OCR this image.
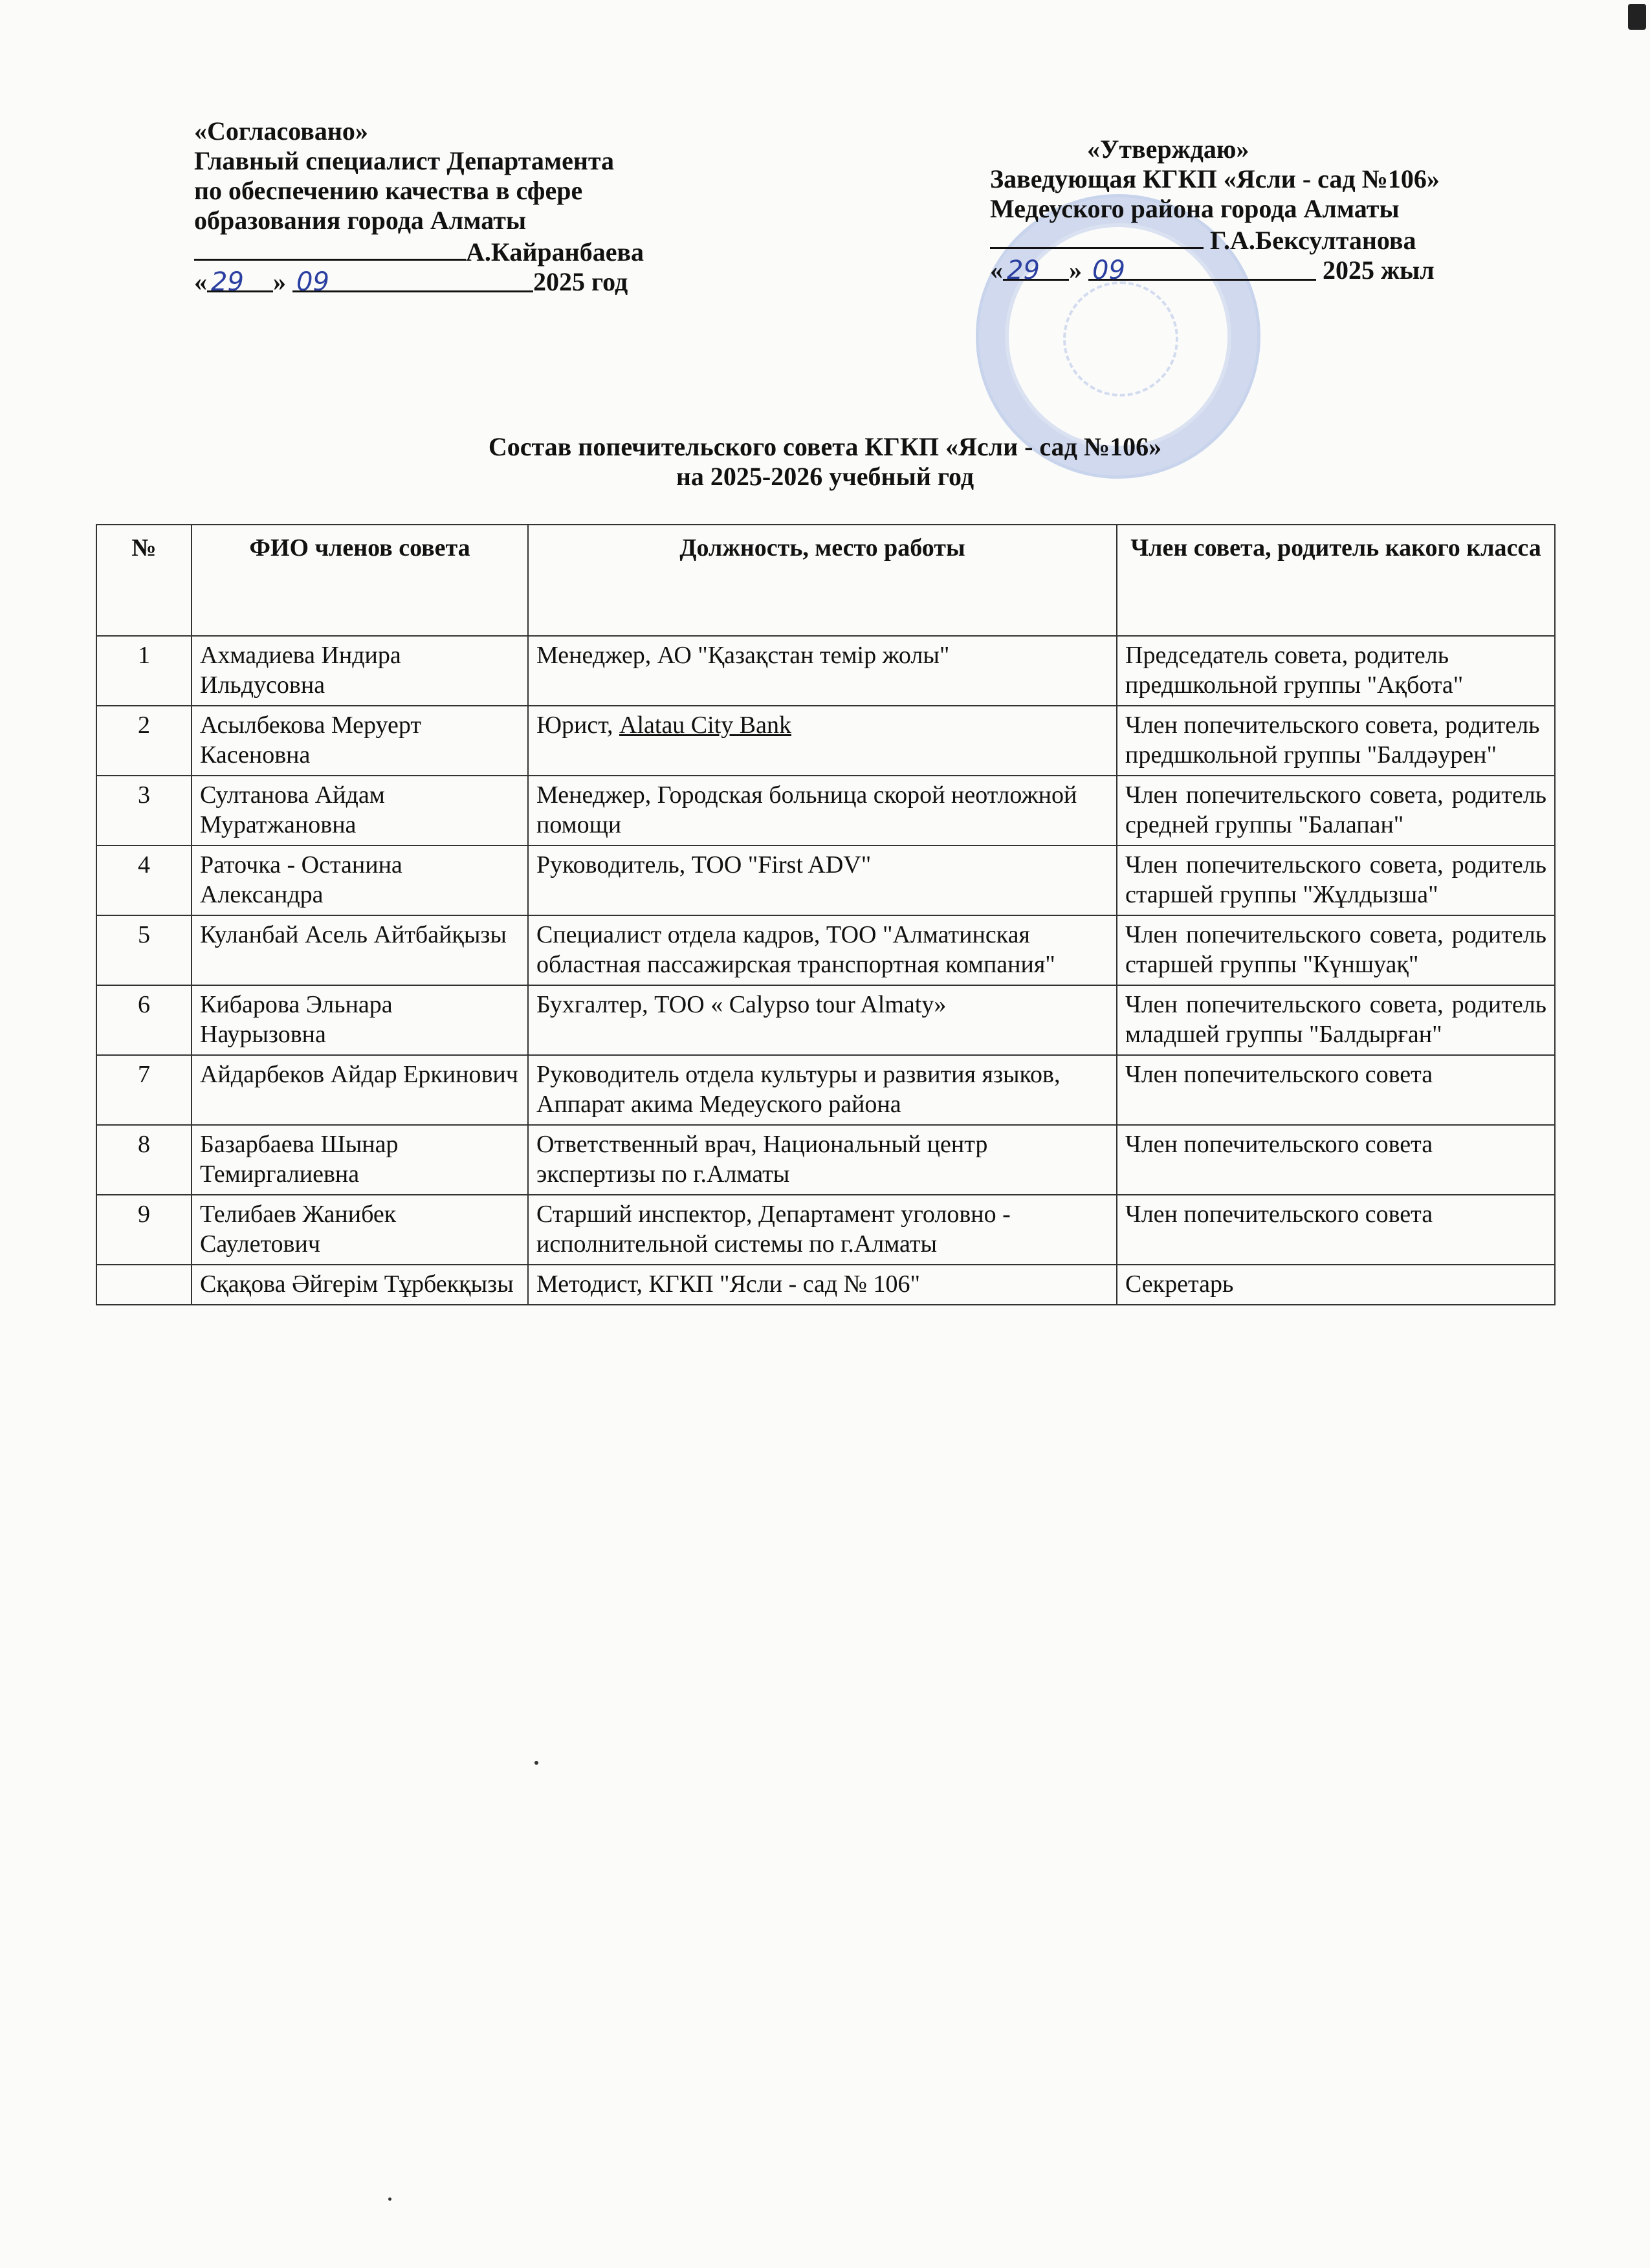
«Согласовано»
Главный специалист Департамента
по обеспечению качества в сфере
образования города Алматы
А.Кайранбаева
« 29 » 09	2025 год
«Утверждаю»
Заведующая КГКП «Ясли - сад №106»
Медеуского района города Алматы
Г.А.Бексултанова
« 29 » 09	2025 жыл
Состав попечительского совета КГКП «Ясли - сад №106»
на 2025-2026 учебный год
№	ФИО членов совета	Должность, место работы	Член совета, родитель какого класса
1	Ахмадиева Индира Ильдусовна	Менеджер, АО "Қазақстан темір жолы"	Председатель совета, родитель предшкольной группы "Ақбота"
2	Асылбекова Меруерт Касеновна	Юрист, Alatau City Bank	Член попечительского совета, родитель предшкольной группы "Балдәурен"
3	Султанова Айдам Муратжановна	Менеджер, Городская больница скорой неотложной помощи	Член попечительского совета, родитель средней группы "Балапан"
4	Раточка - Останина Александра	Руководитель, ТОО "First ADV"	Член попечительского совета, родитель старшей группы "Жұлдызша"
5	Куланбай Асель Айтбайқызы	Специалист отдела кадров, ТОО "Алматинская областная пассажирская транспортная компания"	Член попечительского совета, родитель старшей группы "Күншуақ"
6	Кибарова Эльнара Наурызовна	Бухгалтер, ТОО « Calypso tour Almaty»	Член попечительского совета, родитель младшей группы "Балдырған"
7	Айдарбеков Айдар Еркинович	Руководитель отдела культуры и развития языков, Аппарат акима Медеуского района	Член попечительского совета
8	Базарбаева Шынар Темиргалиевна	Ответственный врач, Национальный центр экспертизы по г.Алматы	Член попечительского совета
9	Телибаев Жанибек Саулетович	Старший инспектор, Департамент уголовно - исполнительной системы по г.Алматы	Член попечительского совета
	Сқақова Әйгерім Тұрбекқызы	Методист, КГКП "Ясли - сад № 106"	Секретарь
